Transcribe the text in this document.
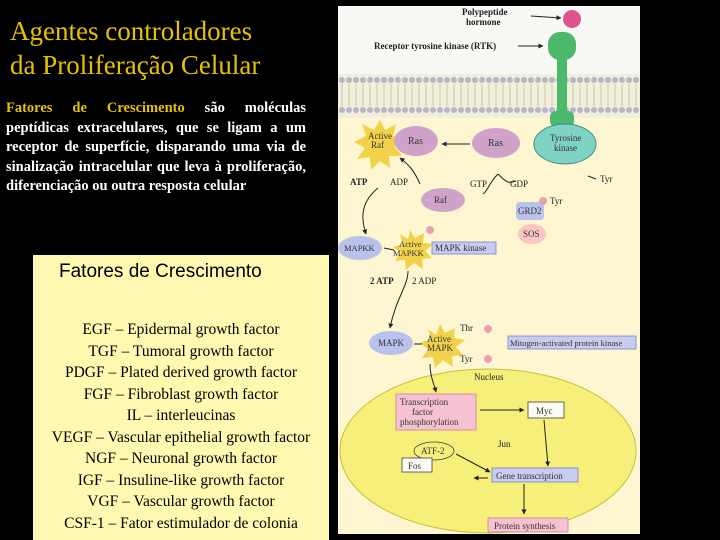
Agentes controladores
da Proliferação Celular
Fatores de Crescimento são moléculas peptídicas extracelulares, que se ligam a um receptor de superfície, disparando uma via de sinalização intracelular que leva à proliferação, diferenciação ou outra resposta celular
Fatores de Crescimento
EGF – Epidermal growth factor
TGF – Tumoral growth factor
PDGF – Plated derived growth factor
FGF – Fibroblast growth factor
IL – interleucinas
VEGF – Vascular epithelial growth factor
NGF – Neuronal growth factor
IGF – Insuline-like growth factor
VGF – Vascular growth factor
CSF-1 – Fator estimulador de colonia
Polypeptide hormone
Receptor tyrosine kinase (RTK)
Tyrosine kinase
Tyr
Active Raf	Ras	Ras
ATP	ADP	GTP	GDP
Raf
GRD2
Tyr
SOS
MAPKK	Active MAPKK MAPK kinase
2 ATP 2 ADP
MAPK	Active MAPK
Thr
Tyr
Mitogen-activated protein kinase
Nucleus
Transcription factor phosphorylation
Myc
Jun
ATF-2
Fos
Gene transcription
Protein synthesis
